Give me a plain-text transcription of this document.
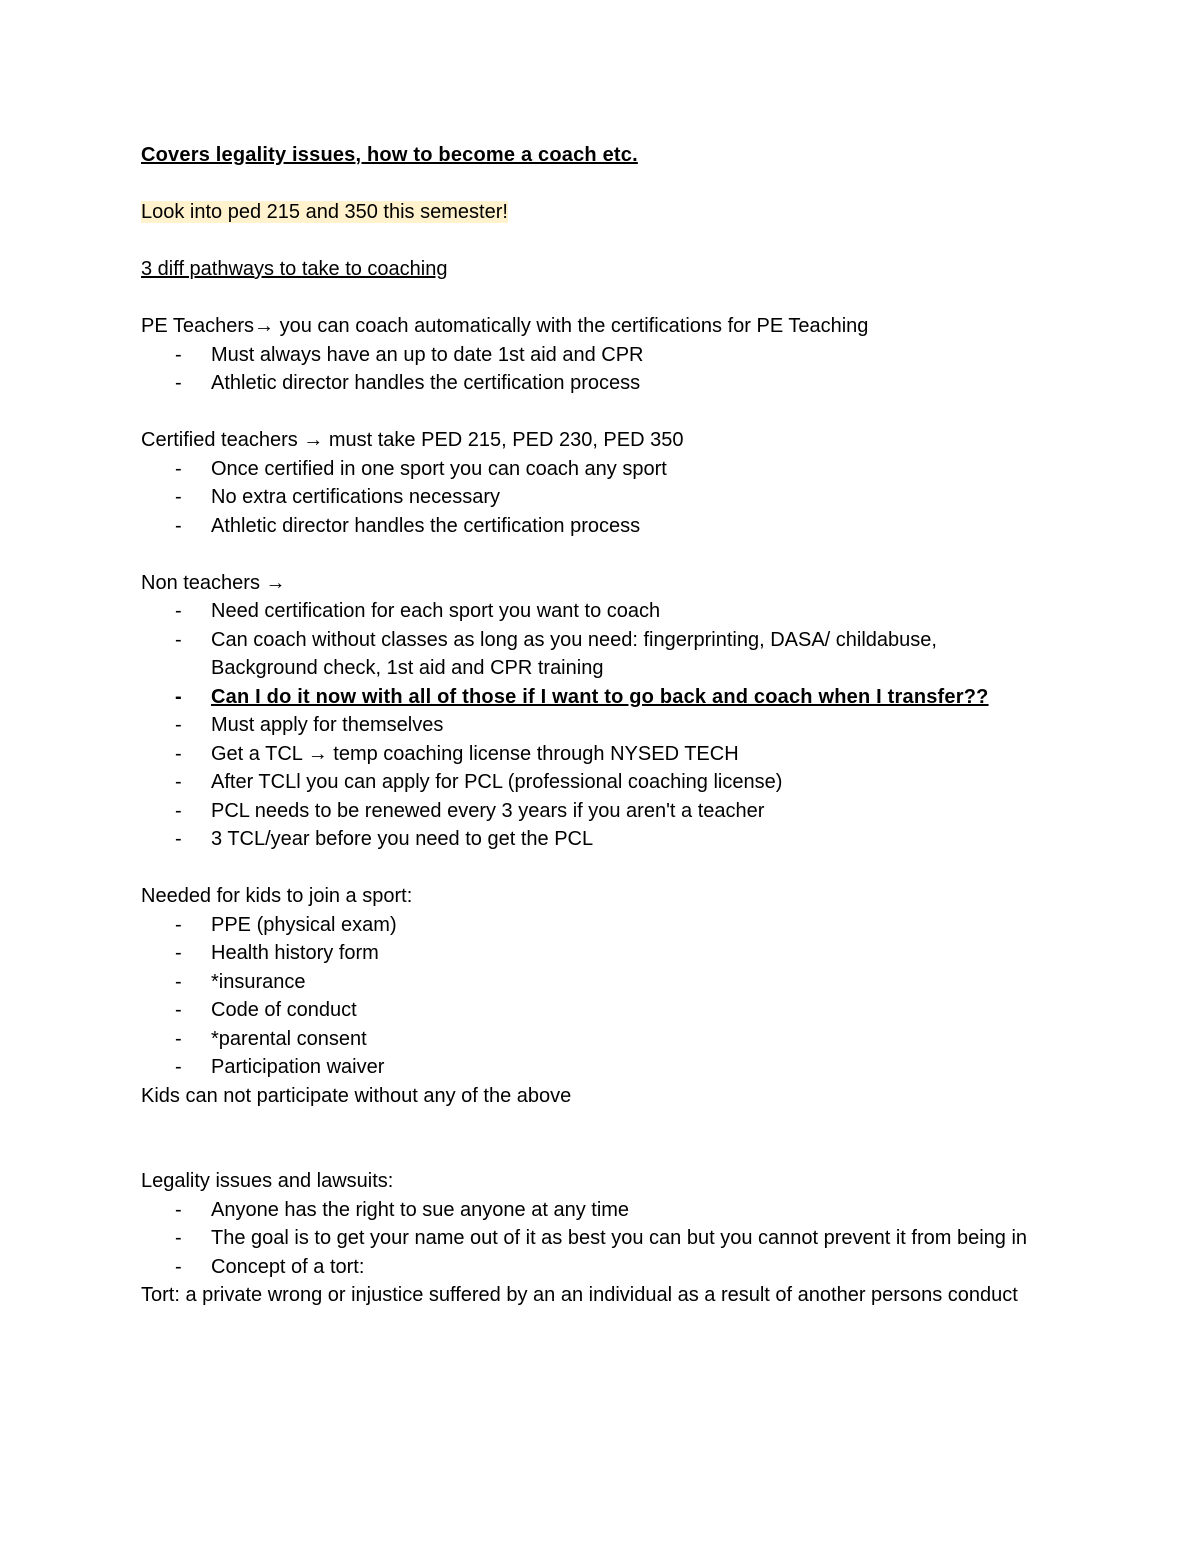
Covers legality issues, how to become a coach etc.

Look into ped 215 and 350 this semester!

3 diff pathways to take to coaching

PE Teachers→ you can coach automatically with the certifications for PE Teaching

- Must always have an up to date 1st aid and CPR
- Athletic director handles the certification process

Certified teachers → must take PED 215, PED 230, PED 350

- Once certified in one sport you can coach any sport
- No extra certifications necessary
- Athletic director handles the certification process

Non teachers →

- Need certification for each sport you want to coach
- Can coach without classes as long as you need: fingerprinting, DASA/ childabuse, Background check, 1st aid and CPR training
- Can I do it now with all of those if I want to go back and coach when I transfer??
- Must apply for themselves
- Get a TCL → temp coaching license through NYSED TECH
- After TCLl you can apply for PCL (professional coaching license)
- PCL needs to be renewed every 3 years if you aren't a teacher
- 3 TCL/year before you need to get the PCL

Needed for kids to join a sport:

- PPE (physical exam)
- Health history form
- *insurance
- Code of conduct
- *parental consent
- Participation waiver

Kids can not participate without any of the above

Legality issues and lawsuits:

- Anyone has the right to sue anyone at any time
- The goal is to get your name out of it as best you can but you cannot prevent it from being in
- Concept of a tort:

Tort: a private wrong or injustice suffered by an an individual as a result of another persons conduct
